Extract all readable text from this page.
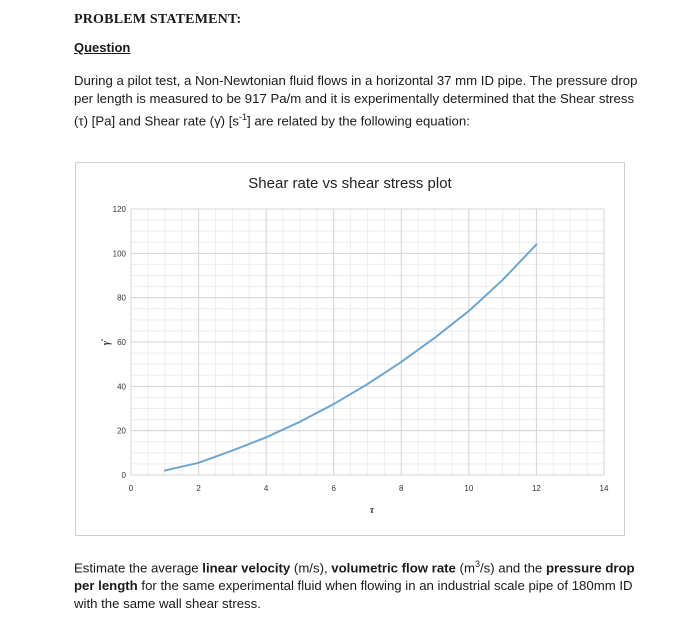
PROBLEM STATEMENT:
Question
During a pilot test, a Non-Newtonian fluid flows in a horizontal 37 mm ID pipe. The pressure drop per length is measured to be 917 Pa/m and it is experimentally determined that the Shear stress (τ) [Pa] and Shear rate (γ̇) $[s^{-1}]$ are related by the following equation:
Shear rate vs shear stress plot
0
20
40
60
80
100
120
0	2	4	6	8	10	12	14
γ̇
τ
Estimate the average linear velocity (m/s), volumetric flow rate $(m^3/s)$ and the pressure drop per length for the same experimental fluid when flowing in an industrial scale pipe of 180mm ID with the same wall shear stress.
